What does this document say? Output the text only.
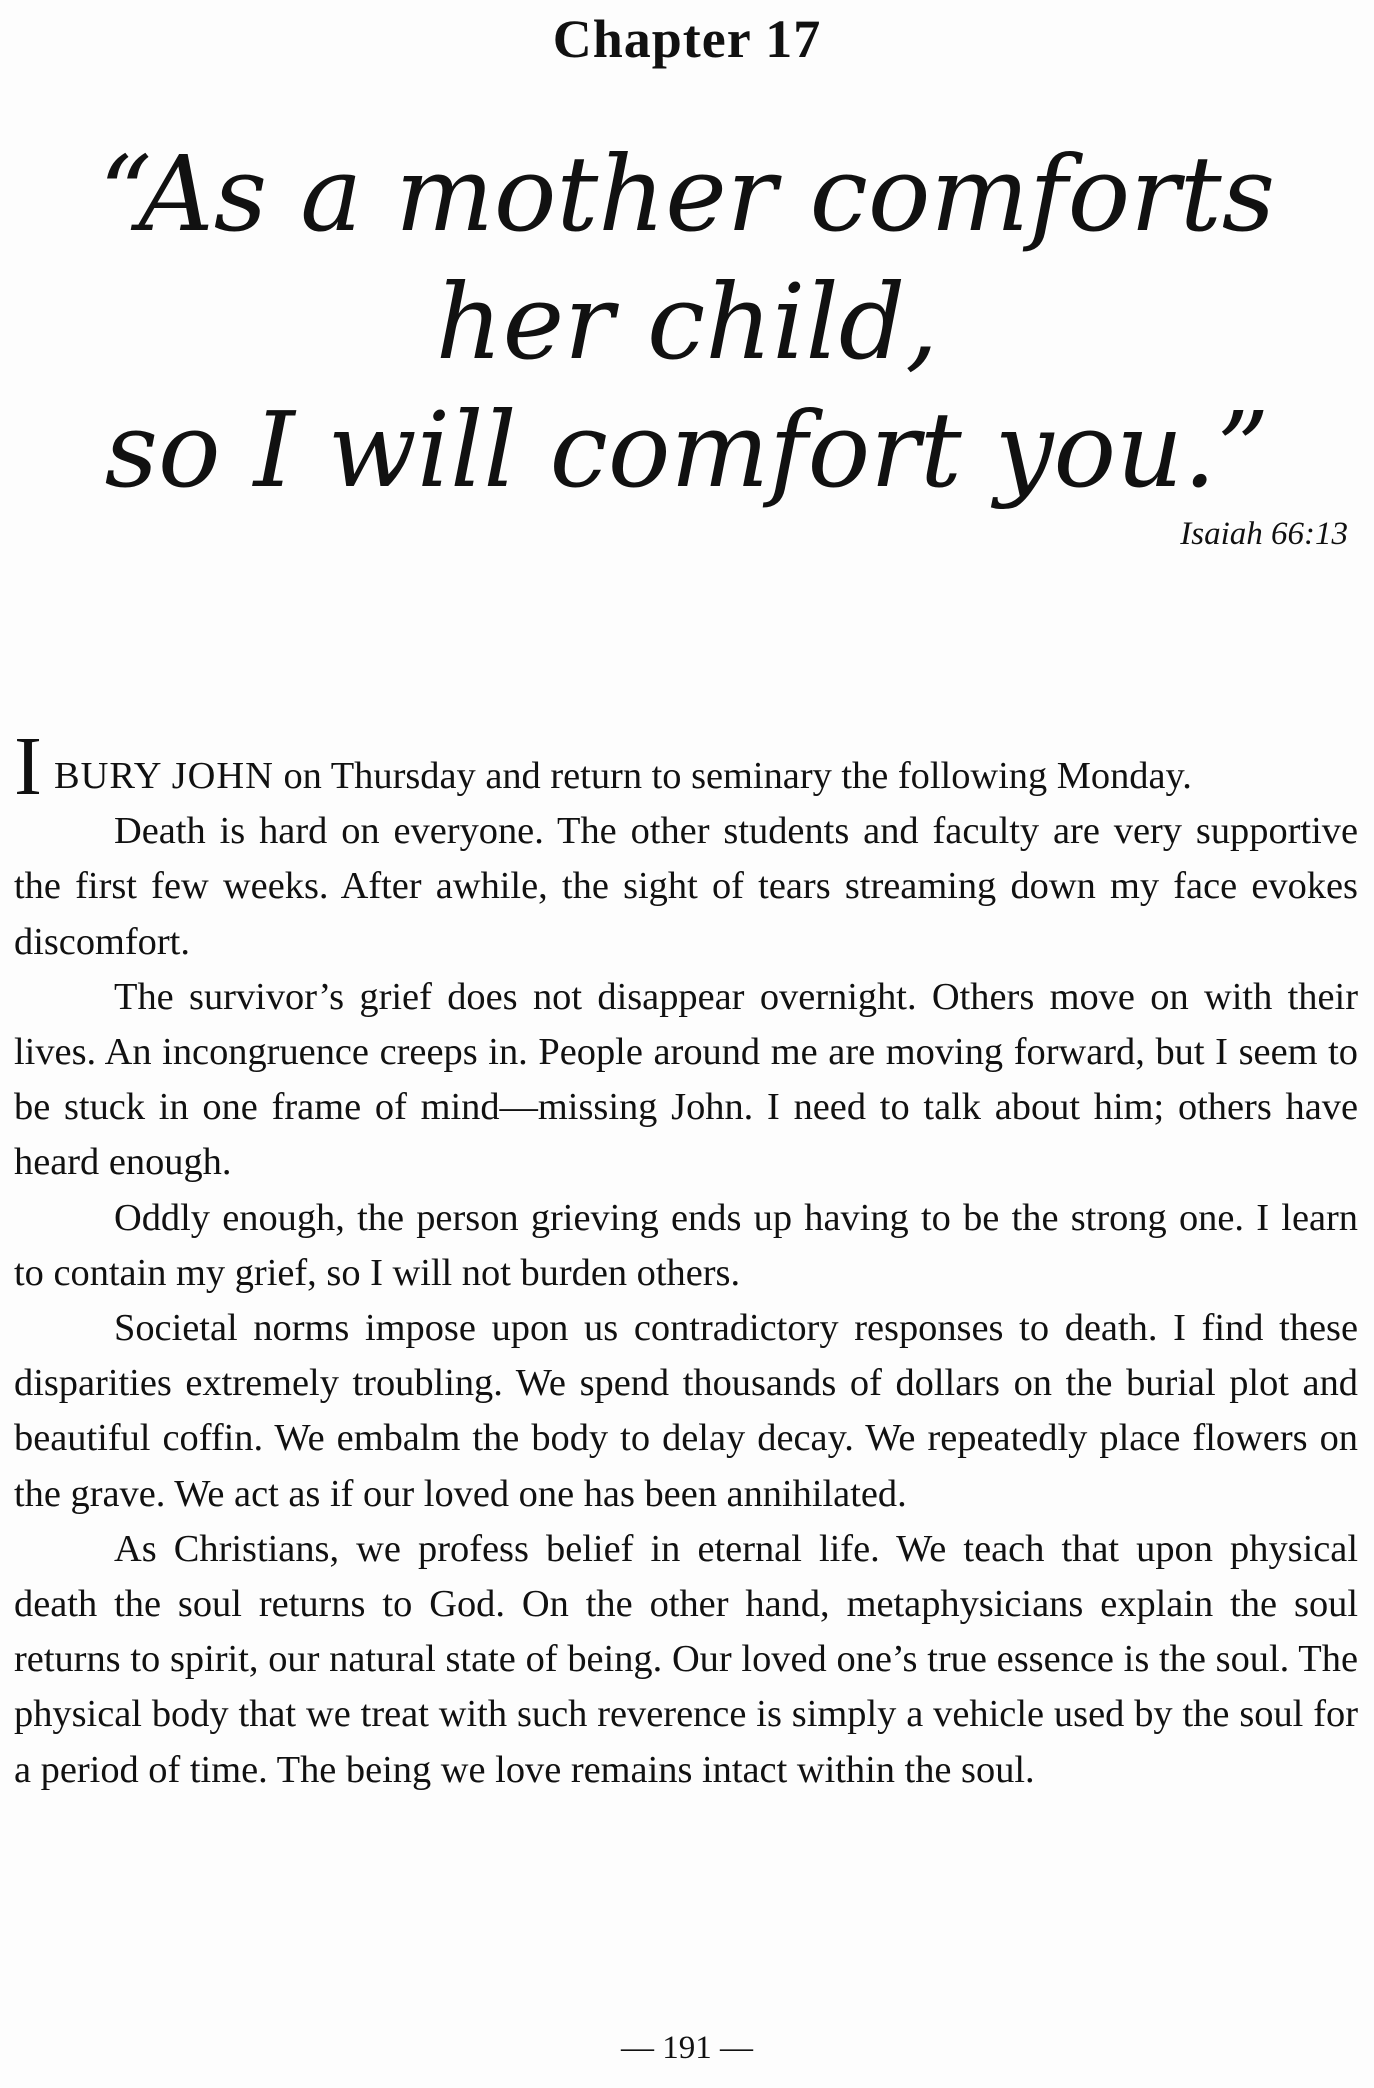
Chapter 17
“As a mother comforts
her child,
so I will comfort you.”
Isaiah 66:13

IBURY JOHN on Thursday and return to seminary the following Monday.

Death is hard on everyone. The other students and faculty are very supportive the first few weeks. After awhile, the sight of tears streaming down my face evokes discomfort.

The survivor’s grief does not disappear overnight. Others move on with their lives. An incongruence creeps in. People around me are moving forward, but I seem to be stuck in one frame of mind—missing John. I need to talk about him; others have heard enough.

Oddly enough, the person grieving ends up having to be the strong one. I learn to contain my grief, so I will not burden others.

Societal norms impose upon us contradictory responses to death. I find these disparities extremely troubling. We spend thousands of dollars on the burial plot and beautiful coffin. We embalm the body to delay decay. We repeatedly place flowers on the grave. We act as if our loved one has been annihilated.

As Christians, we profess belief in eternal life. We teach that upon physical death the soul returns to God. On the other hand, metaphysicians explain the soul returns to spirit, our natural state of being. Our loved one’s true essence is the soul. The physical body that we treat with such reverence is simply a vehicle used by the soul for a period of time. The being we love remains intact within the soul.

— 191 —
